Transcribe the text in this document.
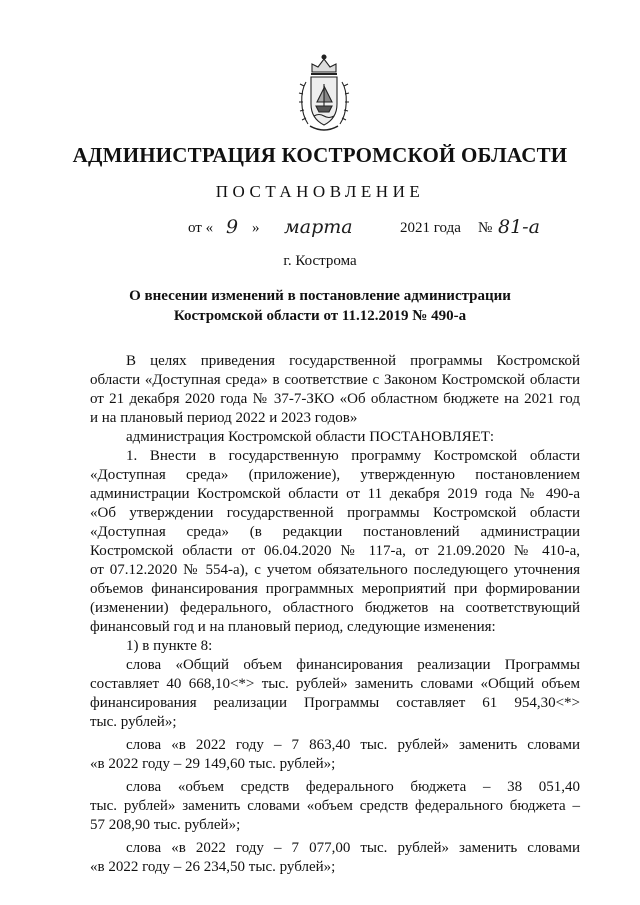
АДМИНИСТРАЦИЯ КОСТРОМСКОЙ ОБЛАСТИ
ПОСТАНОВЛЕНИЕ
от « 9 » марта	2021 года № 81-а
г. Кострома
О внесении изменений в постановление администрации
Костромской области от 11.12.2019 № 490-а
В целях приведения государственной программы Костромской
области «Доступная среда» в соответствие с Законом Костромской области
от 21 декабря 2020 года № 37-7-ЗКО «Об областном бюджете на 2021 год
и на плановый период 2022 и 2023 годов»
администрация Костромской области ПОСТАНОВЛЯЕТ:
1. Внести в государственную программу Костромской области
«Доступная среда» (приложение), утвержденную постановлением
администрации Костромской области от 11 декабря 2019 года № 490-а
«Об утверждении государственной программы Костромской области
«Доступная среда» (в редакции постановлений администрации
Костромской области от 06.04.2020 № 117-а, от 21.09.2020 № 410-а,
от 07.12.2020 № 554-а), с учетом обязательного последующего уточнения
объемов финансирования программных мероприятий при формировании
(изменении) федерального, областного бюджетов на соответствующий
финансовый год и на плановый период, следующие изменения:
1) в пункте 8:
слова «Общий объем финансирования реализации Программы
составляет 40 668,10<*> тыс. рублей» заменить словами «Общий объем
финансирования реализации Программы составляет 61 954,30<*>
тыс. рублей»;
слова «в 2022 году – 7 863,40 тыс. рублей» заменить словами
«в 2022 году – 29 149,60 тыс. рублей»;
слова «объем средств федерального бюджета – 38 051,40
тыс. рублей» заменить словами «объем средств федерального бюджета –
57 208,90 тыс. рублей»;
слова «в 2022 году – 7 077,00 тыс. рублей» заменить словами
«в 2022 году – 26 234,50 тыс. рублей»;
